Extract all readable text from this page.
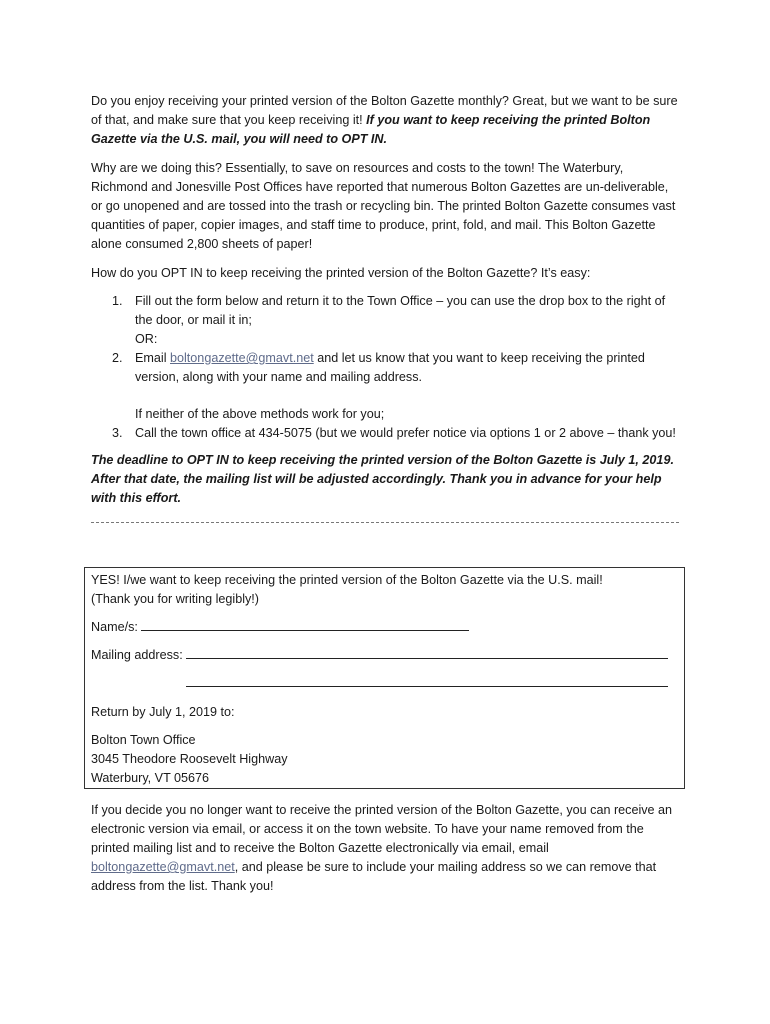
Do you enjoy receiving your printed version of the Bolton Gazette monthly? Great, but we want to be sure of that, and make sure that you keep receiving it! If you want to keep receiving the printed Bolton Gazette via the U.S. mail, you will need to OPT IN.

Why are we doing this? Essentially, to save on resources and costs to the town! The Waterbury, Richmond and Jonesville Post Offices have reported that numerous Bolton Gazettes are un-deliverable, or go unopened and are tossed into the trash or recycling bin. The printed Bolton Gazette consumes vast quantities of paper, copier images, and staff time to produce, print, fold, and mail. This Bolton Gazette alone consumed 2,800 sheets of paper!

How do you OPT IN to keep receiving the printed version of the Bolton Gazette? It’s easy:

1. Fill out the form below and return it to the Town Office – you can use the drop box to the right of the door, or mail it in;
OR:
2. Email boltongazette@gmavt.net and let us know that you want to keep receiving the printed version, along with your name and mailing address.
If neither of the above methods work for you;
3. Call the town office at 434-5075 (but we would prefer notice via options 1 or 2 above – thank you!

The deadline to OPT IN to keep receiving the printed version of the Bolton Gazette is July 1, 2019. After that date, the mailing list will be adjusted accordingly. Thank you in advance for your help with this effort.

YES! I/we want to keep receiving the printed version of the Bolton Gazette via the U.S. mail!
(Thank you for writing legibly!)
Name/s:
Mailing address:
Return by July 1, 2019 to:
Bolton Town Office
3045 Theodore Roosevelt Highway
Waterbury, VT 05676
If you decide you no longer want to receive the printed version of the Bolton Gazette, you can receive an electronic version via email, or access it on the town website. To have your name removed from the printed mailing list and to receive the Bolton Gazette electronically via email, email boltongazette@gmavt.net, and please be sure to include your mailing address so we can remove that address from the list. Thank you!
